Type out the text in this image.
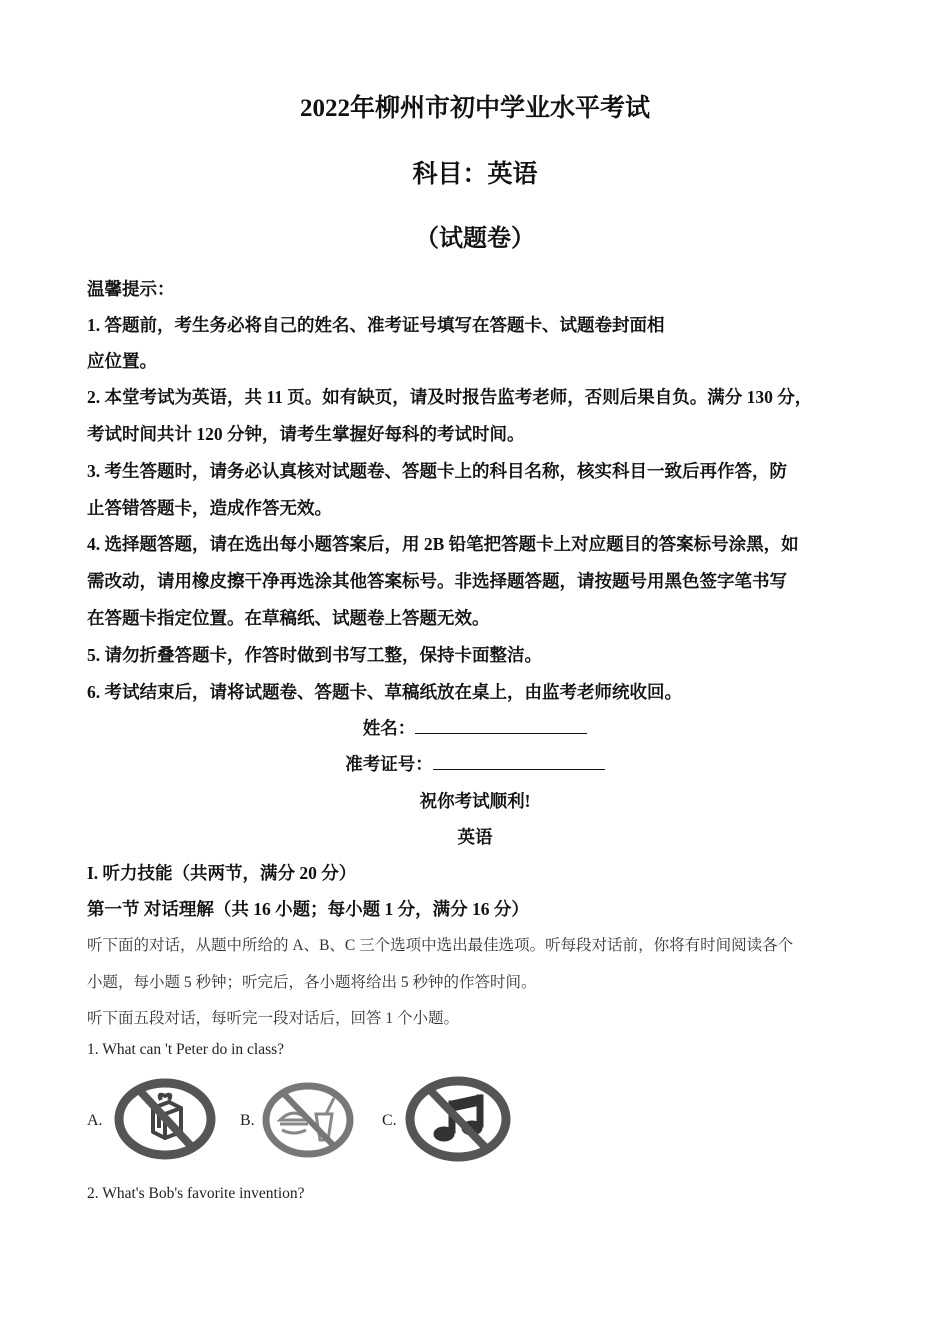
2022年柳州市初中学业水平考试
科目：英语
（试题卷）
温馨提示：
1. 答题前，考生务必将自己的姓名、准考证号填写在答题卡、试题卷封面相
应位置。
2. 本堂考试为英语，共 11 页。如有缺页，请及时报告监考老师，否则后果自负。满分 130 分，
考试时间共计 120 分钟，请考生掌握好每科的考试时间。
3. 考生答题时，请务必认真核对试题卷、答题卡上的科目名称，核实科目一致后再作答，防
止答错答题卡，造成作答无效。
4. 选择题答题，请在选出每小题答案后，用 2B 铅笔把答题卡上对应题目的答案标号涂黑，如
需改动，请用橡皮擦干净再选涂其他答案标号。非选择题答题，请按题号用黑色签字笔书写
在答题卡指定位置。在草稿纸、试题卷上答题无效。
5. 请勿折叠答题卡，作答时做到书写工整，保持卡面整洁。
6. 考试结束后，请将试题卷、答题卡、草稿纸放在桌上，由监考老师统收回。
姓名：
准考证号：
祝你考试顺利!
英语
I. 听力技能（共两节，满分 20 分）
第一节 对话理解（共 16 小题；每小题 1 分，满分 16 分）
听下面的对话，从题中所给的 A、B、C 三个选项中选出最佳选项。听每段对话前，你将有时间阅读各个
小题，每小题 5 秒钟；听完后，各小题将给出 5 秒钟的作答时间。
听下面五段对话，每听完一段对话后，回答 1 个小题。
1. What can 't Peter do in class?
A.	B.	C.
2. What's Bob's favorite invention?
